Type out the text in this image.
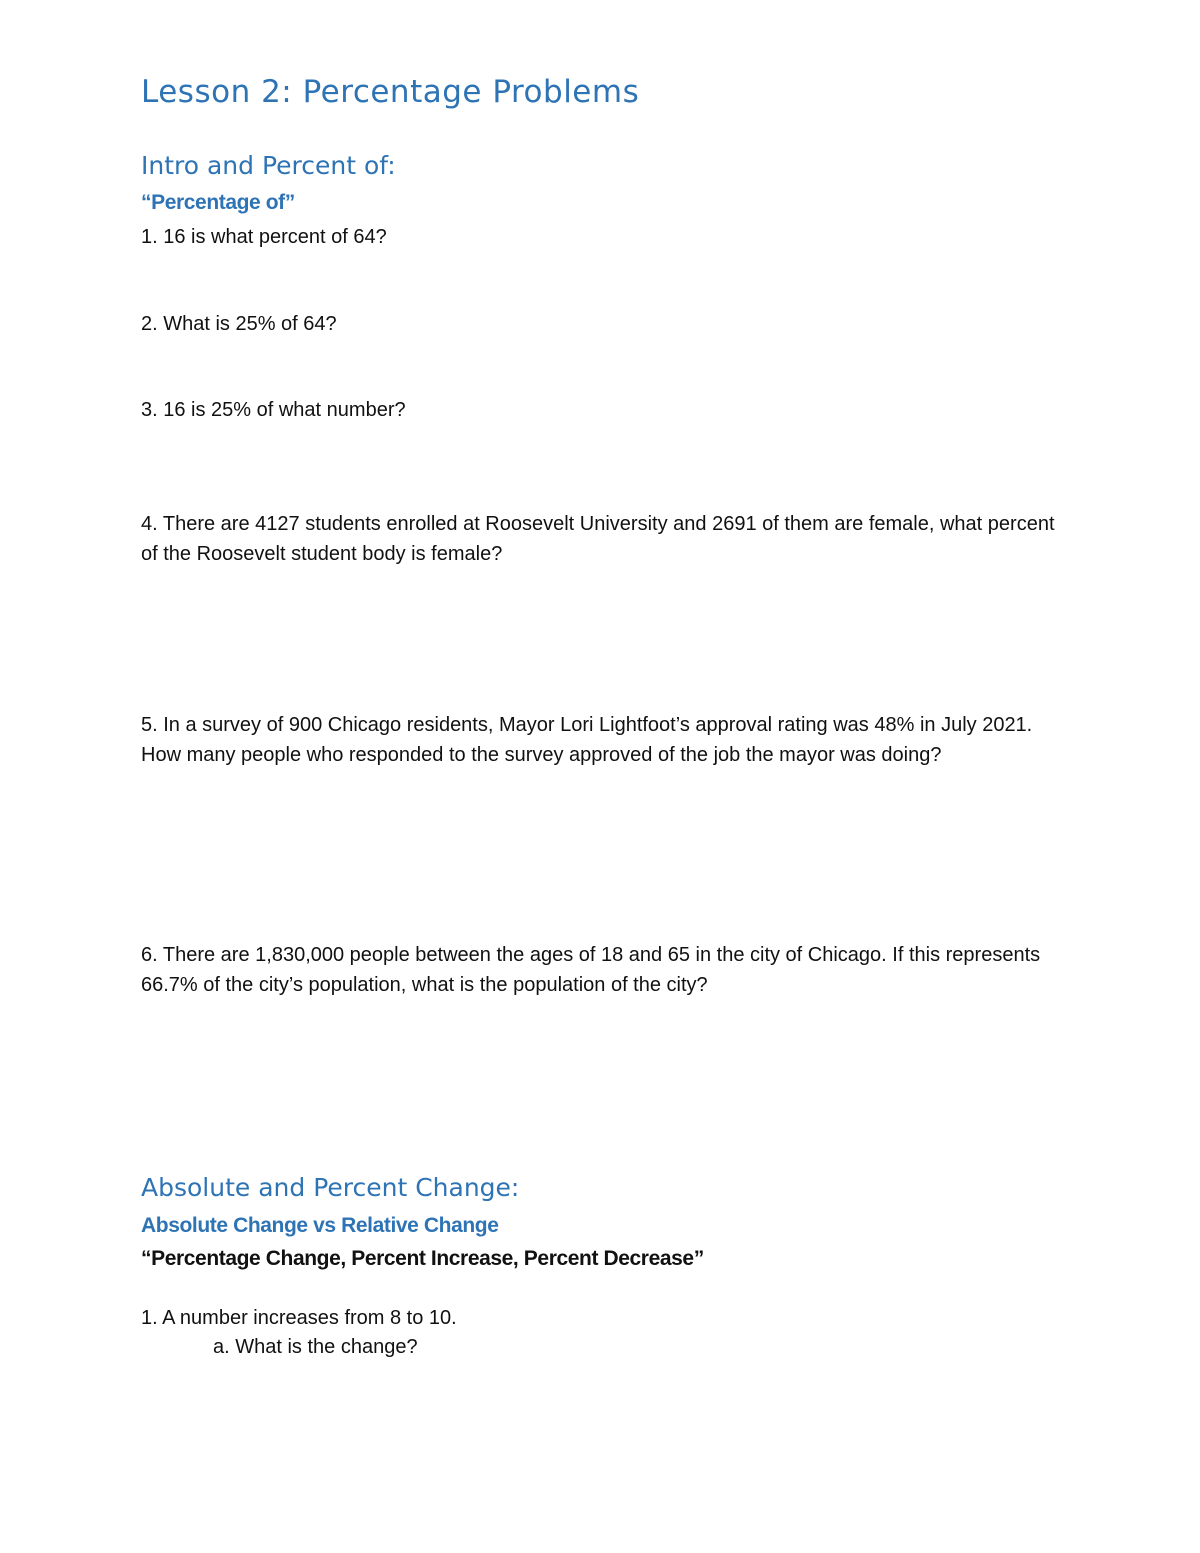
Lesson 2: Percentage Problems
Intro and Percent of:
“Percentage of”

1. 16 is what percent of 64?

2. What is 25% of 64?

3. 16 is 25% of what number?

4. There are 4127 students enrolled at Roosevelt University and 2691 of them are female, what percent of the Roosevelt student body is female?

5. In a survey of 900 Chicago residents, Mayor Lori Lightfoot’s approval rating was 48% in July 2021. How many people who responded to the survey approved of the job the mayor was doing?

6. There are 1,830,000 people between the ages of 18 and 65 in the city of Chicago. If this represents 66.7% of the city’s population, what is the population of the city?

Absolute and Percent Change:
Absolute Change vs Relative Change
“Percentage Change, Percent Increase, Percent Decrease”

1. A number increases from 8 to 10.

a. What is the change?
